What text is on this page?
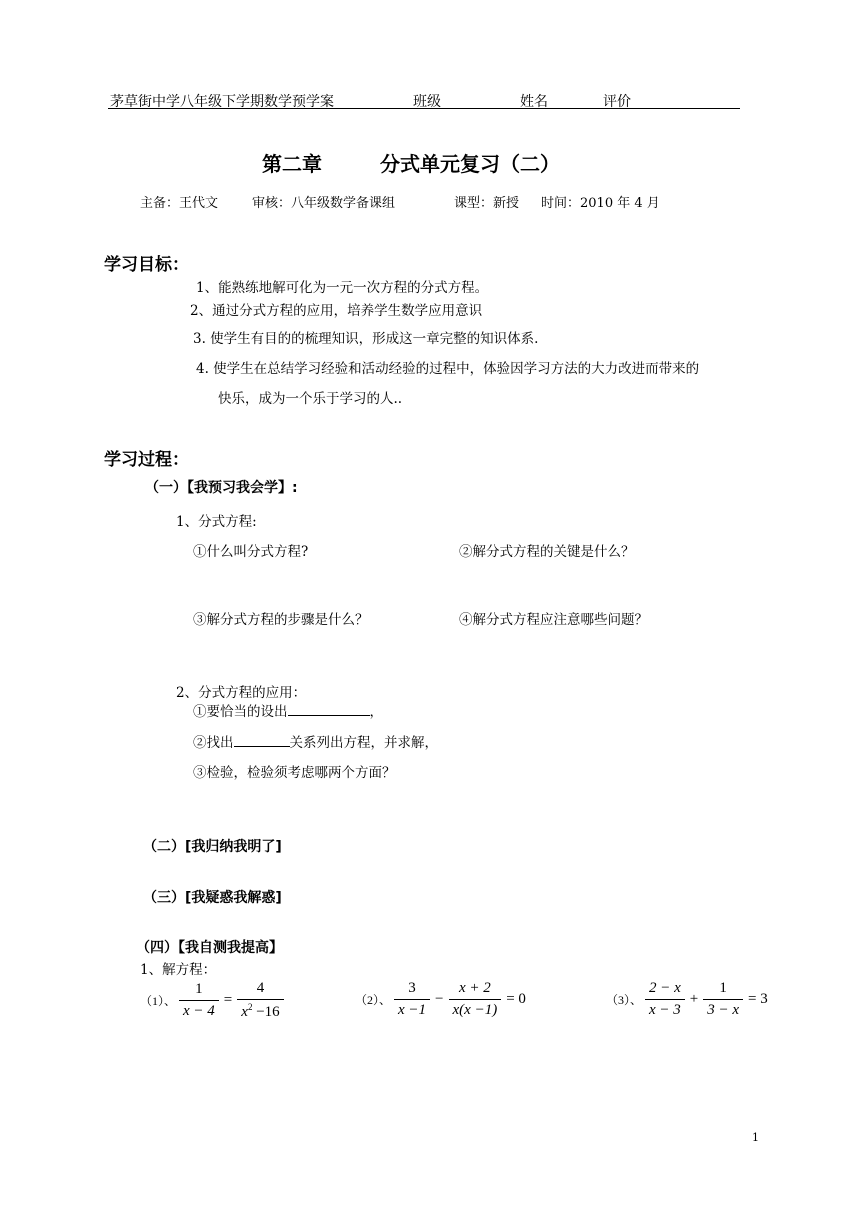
茅草街中学八年级下学期数学预学案	班级	姓名	评价
第二章	分式单元复习（二）
主备：王代文	审核：八年级数学备课组	课型：新授 时间：2010 年 4 月
学习目标：
1、能熟练地解可化为一元一次方程的分式方程。
2、通过分式方程的应用，培养学生数学应用意识
3. 使学生有目的的梳理知识，形成这一章完整的知识体系.
4. 使学生在总结学习经验和活动经验的过程中，体验因学习方法的大力改进而带来的
快乐，成为一个乐于学习的人..
学习过程：
（一）【我预习我会学】:
1、分式方程:
①什么叫分式方程?	②解分式方程的关键是什么？
③解分式方程的步骤是什么？	④解分式方程应注意哪些问题？
2、分式方程的应用：
①要恰当的设出	，
②找出	关系列出方程，并求解，
③检验，检验须考虑哪两个方面？
（二）[我归纳我明了]
（三）[我疑惑我解惑]
（四）【我自测我提高】
1、解方程：
（1）、 $\frac{1}{x - 4} = \frac{4}{x^2 -16}$	（2）、 $\frac{3}{x -1} - \frac{x + 2}{x(x -1)} = 0$	（3）、 $\frac{2 - x}{x - 3} + \frac{1}{3 - x} = 3$
1
